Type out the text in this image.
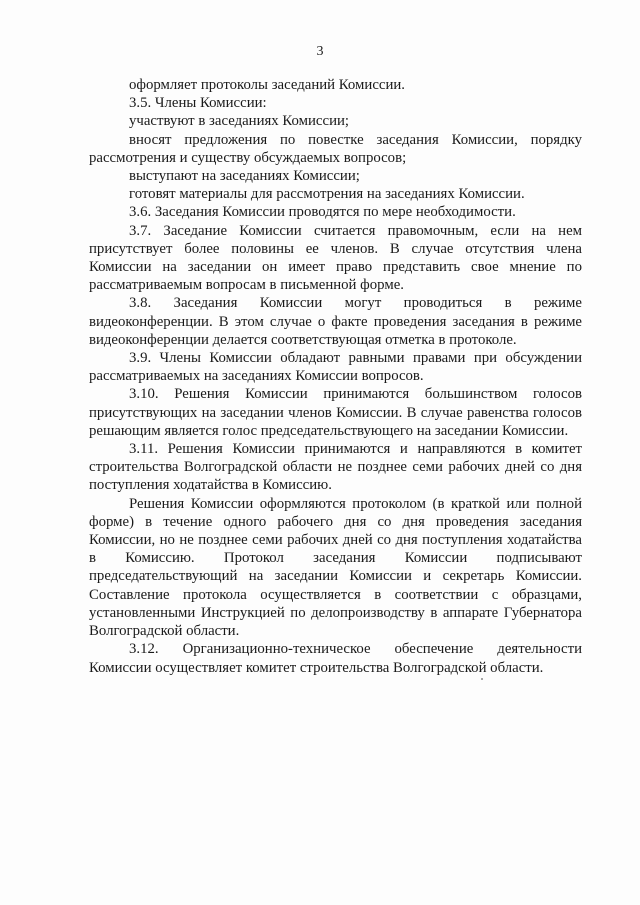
3

оформляет протоколы заседаний Комиссии.

3.5. Члены Комиссии:

участвуют в заседаниях Комиссии;

вносят предложения по повестке заседания Комиссии, порядку рассмотрения и существу обсуждаемых вопросов;

выступают на заседаниях Комиссии;

готовят материалы для рассмотрения на заседаниях Комиссии.

3.6. Заседания Комиссии проводятся по мере необходимости.

3.7. Заседание Комиссии считается правомочным, если на нем присутствует более половины ее членов. В случае отсутствия члена Комиссии на заседании он имеет право представить свое мнение по рассматриваемым вопросам в письменной форме.

3.8. Заседания Комиссии могут проводиться в режиме видеоконференции. В этом случае о факте проведения заседания в режиме видеоконференции делается соответствующая отметка в протоколе.

3.9. Члены Комиссии обладают равными правами при обсуждении рассматриваемых на заседаниях Комиссии вопросов.

3.10. Решения Комиссии принимаются большинством голосов присутствующих на заседании членов Комиссии. В случае равенства голосов решающим является голос председательствующего на заседании Комиссии.

3.11. Решения Комиссии принимаются и направляются в комитет строительства Волгоградской области не позднее семи рабочих дней со дня поступления ходатайства в Комиссию.

Решения Комиссии оформляются протоколом (в краткой или полной форме) в течение одного рабочего дня со дня проведения заседания Комиссии, но не позднее семи рабочих дней со дня поступления ходатайства в Комиссию. Протокол заседания Комиссии подписывают председательствующий на заседании Комиссии и секретарь Комиссии. Составление протокола осуществляется в соответствии с образцами, установленными Инструкцией по делопроизводству в аппарате Губернатора Волгоградской области.

3.12. Организационно-техническое обеспечение деятельности Комиссии осуществляет комитет строительства Волгоградской области.
